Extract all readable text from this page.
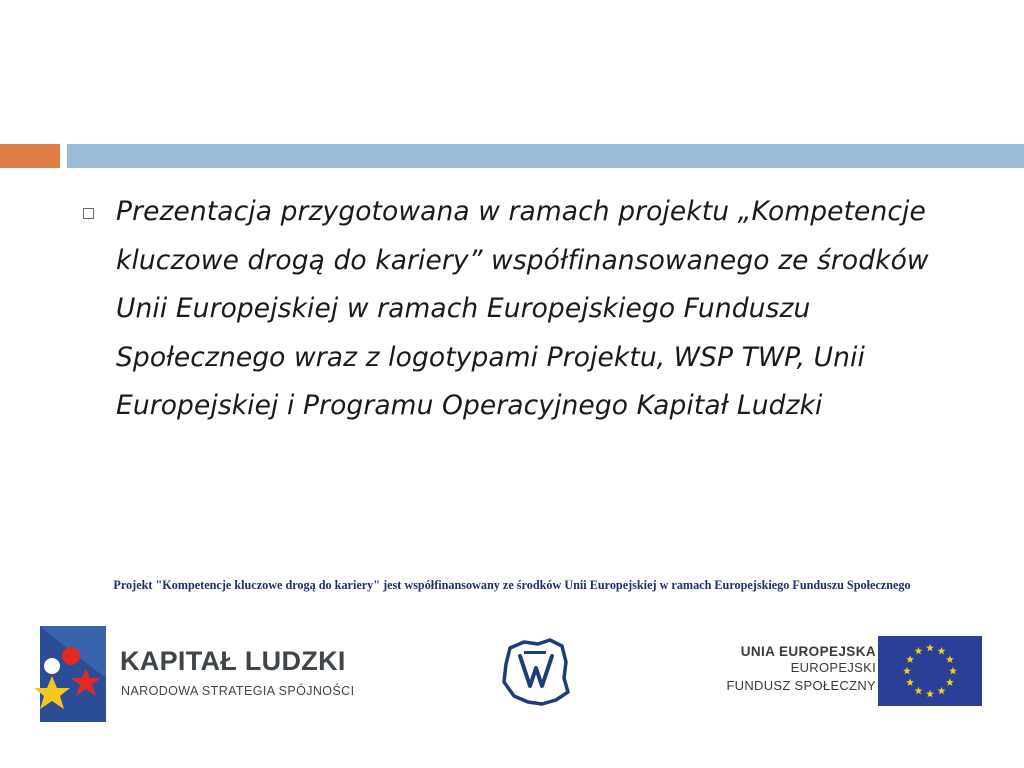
Prezentacja przygotowana w ramach projektu „Kompetencje kluczowe drogą do kariery” współfinansowanego ze środków Unii Europejskiej w ramach Europejskiego Funduszu Społecznego wraz z logotypami Projektu, WSP TWP, Unii Europejskiej i Programu Operacyjnego Kapitał Ludzki

Projekt "Kompetencje kluczowe drogą do kariery" jest współfinansowany ze środków Unii Europejskiej w ramach Europejskiego Funduszu Społecznego

KAPITAŁ LUDZKI

NARODOWA STRATEGIA SPÓJNOŚCI

UNIA EUROPEJSKA

EUROPEJSKI

FUNDUSZ SPOŁECZNY
